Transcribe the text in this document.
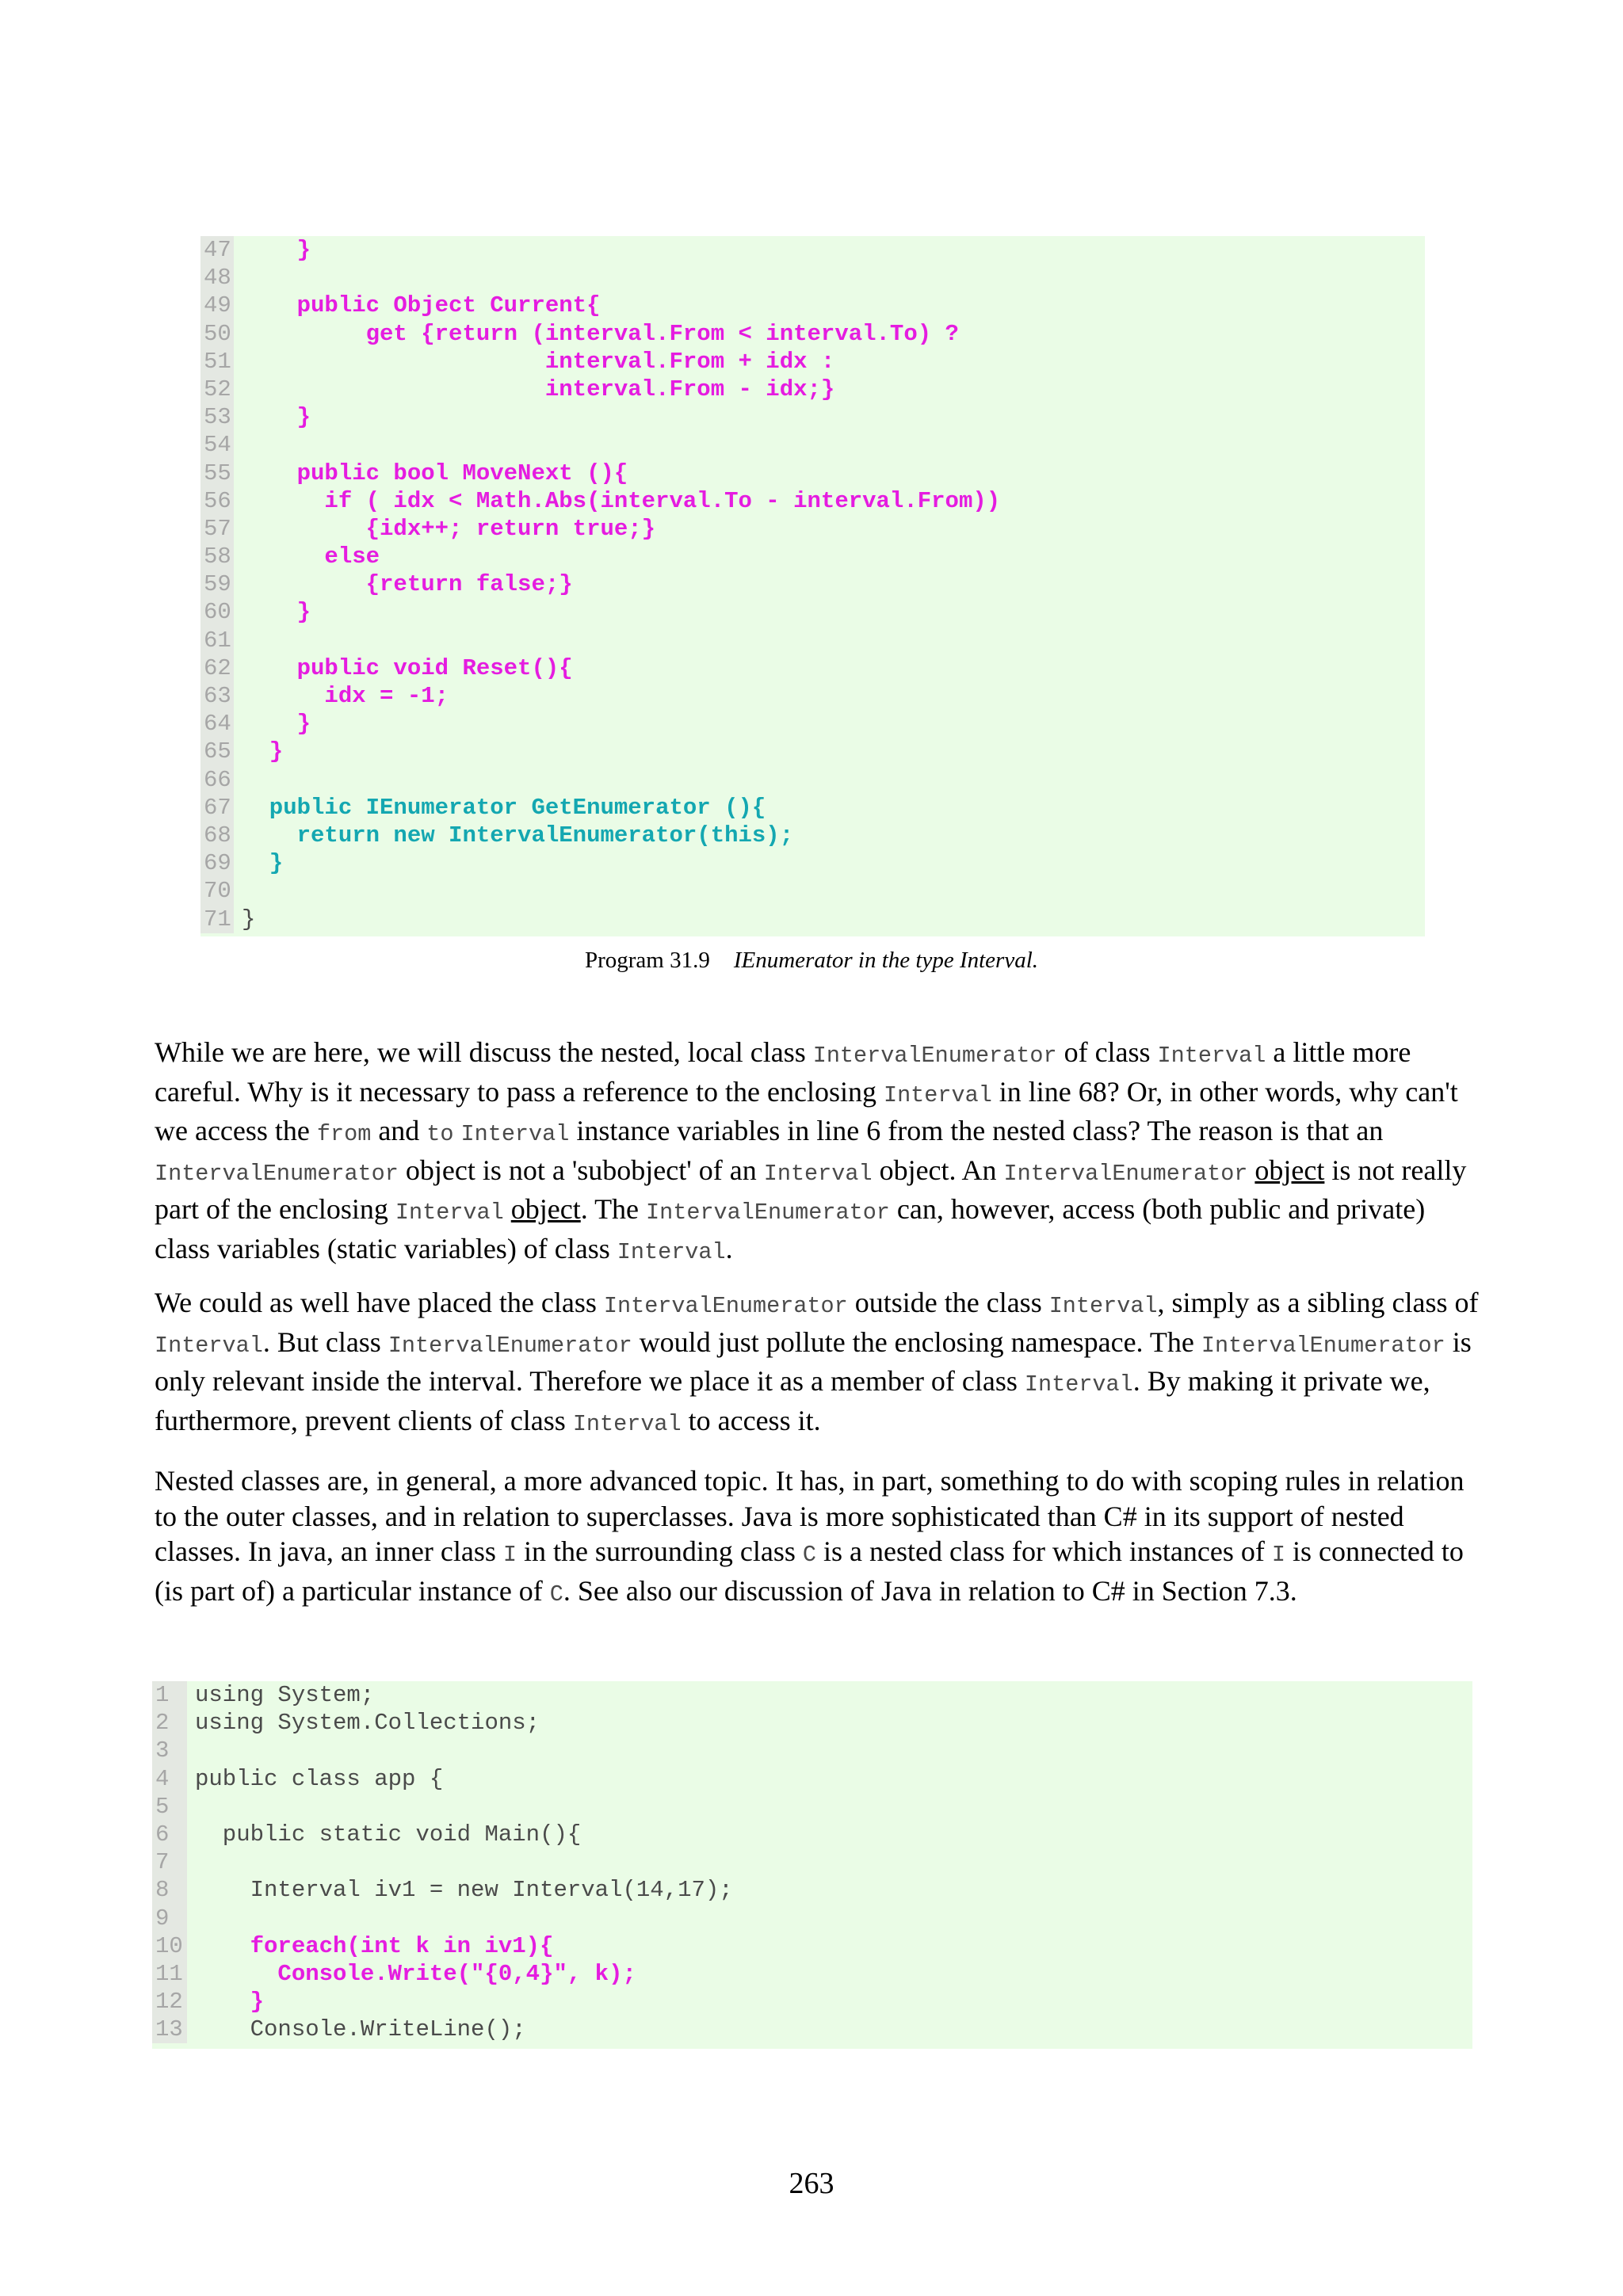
47 }
48
49 public Object Current{
50 get {return (interval.From < interval.To) ?
51 interval.From + idx :
52 interval.From - idx;}
53 }
54
55 public bool MoveNext (){
56 if ( idx < Math.Abs(interval.To - interval.From))
57 {idx++; return true;}
58 else
59 {return false;}
60 }
61
62 public void Reset(){
63 idx = -1;
64 }
65 }
66
67 public IEnumerator GetEnumerator (){
68 return new IntervalEnumerator(this);
69 }
70
71 }
Program 31.9 IEnumerator in the type Interval.

While we are here, we will discuss the nested, local class IntervalEnumerator of class Interval a little more careful. Why is it necessary to pass a reference to the enclosing Interval in line 68? Or, in other words, why can't we access the from and to Interval instance variables in line 6 from the nested class? The reason is that an IntervalEnumerator object is not a 'subobject' of an Interval object. An IntervalEnumerator object is not really part of the enclosing Interval object. The IntervalEnumerator can, however, access (both public and private) class variables (static variables) of class Interval.

We could as well have placed the class IntervalEnumerator outside the class Interval, simply as a sibling class of Interval. But class IntervalEnumerator would just pollute the enclosing namespace. The IntervalEnumerator is only relevant inside the interval. Therefore we place it as a member of class Interval. By making it private we, furthermore, prevent clients of class Interval to access it.

Nested classes are, in general, a more advanced topic. It has, in part, something to do with scoping rules in relation to the outer classes, and in relation to superclasses. Java is more sophisticated than C# in its support of nested classes. In java, an inner class I in the surrounding class C is a nested class for which instances of I is connected to (is part of) a particular instance of C. See also our discussion of Java in relation to C# in Section 7.3.

1	using System;
2	using System.Collections;
3
4	public class app {
5
6	public static void Main(){
7
8	Interval iv1 = new Interval(14,17);
9
10 foreach(int k in iv1){
11 Console.Write("{0,4}", k);
12 }
13 Console.WriteLine();
263
